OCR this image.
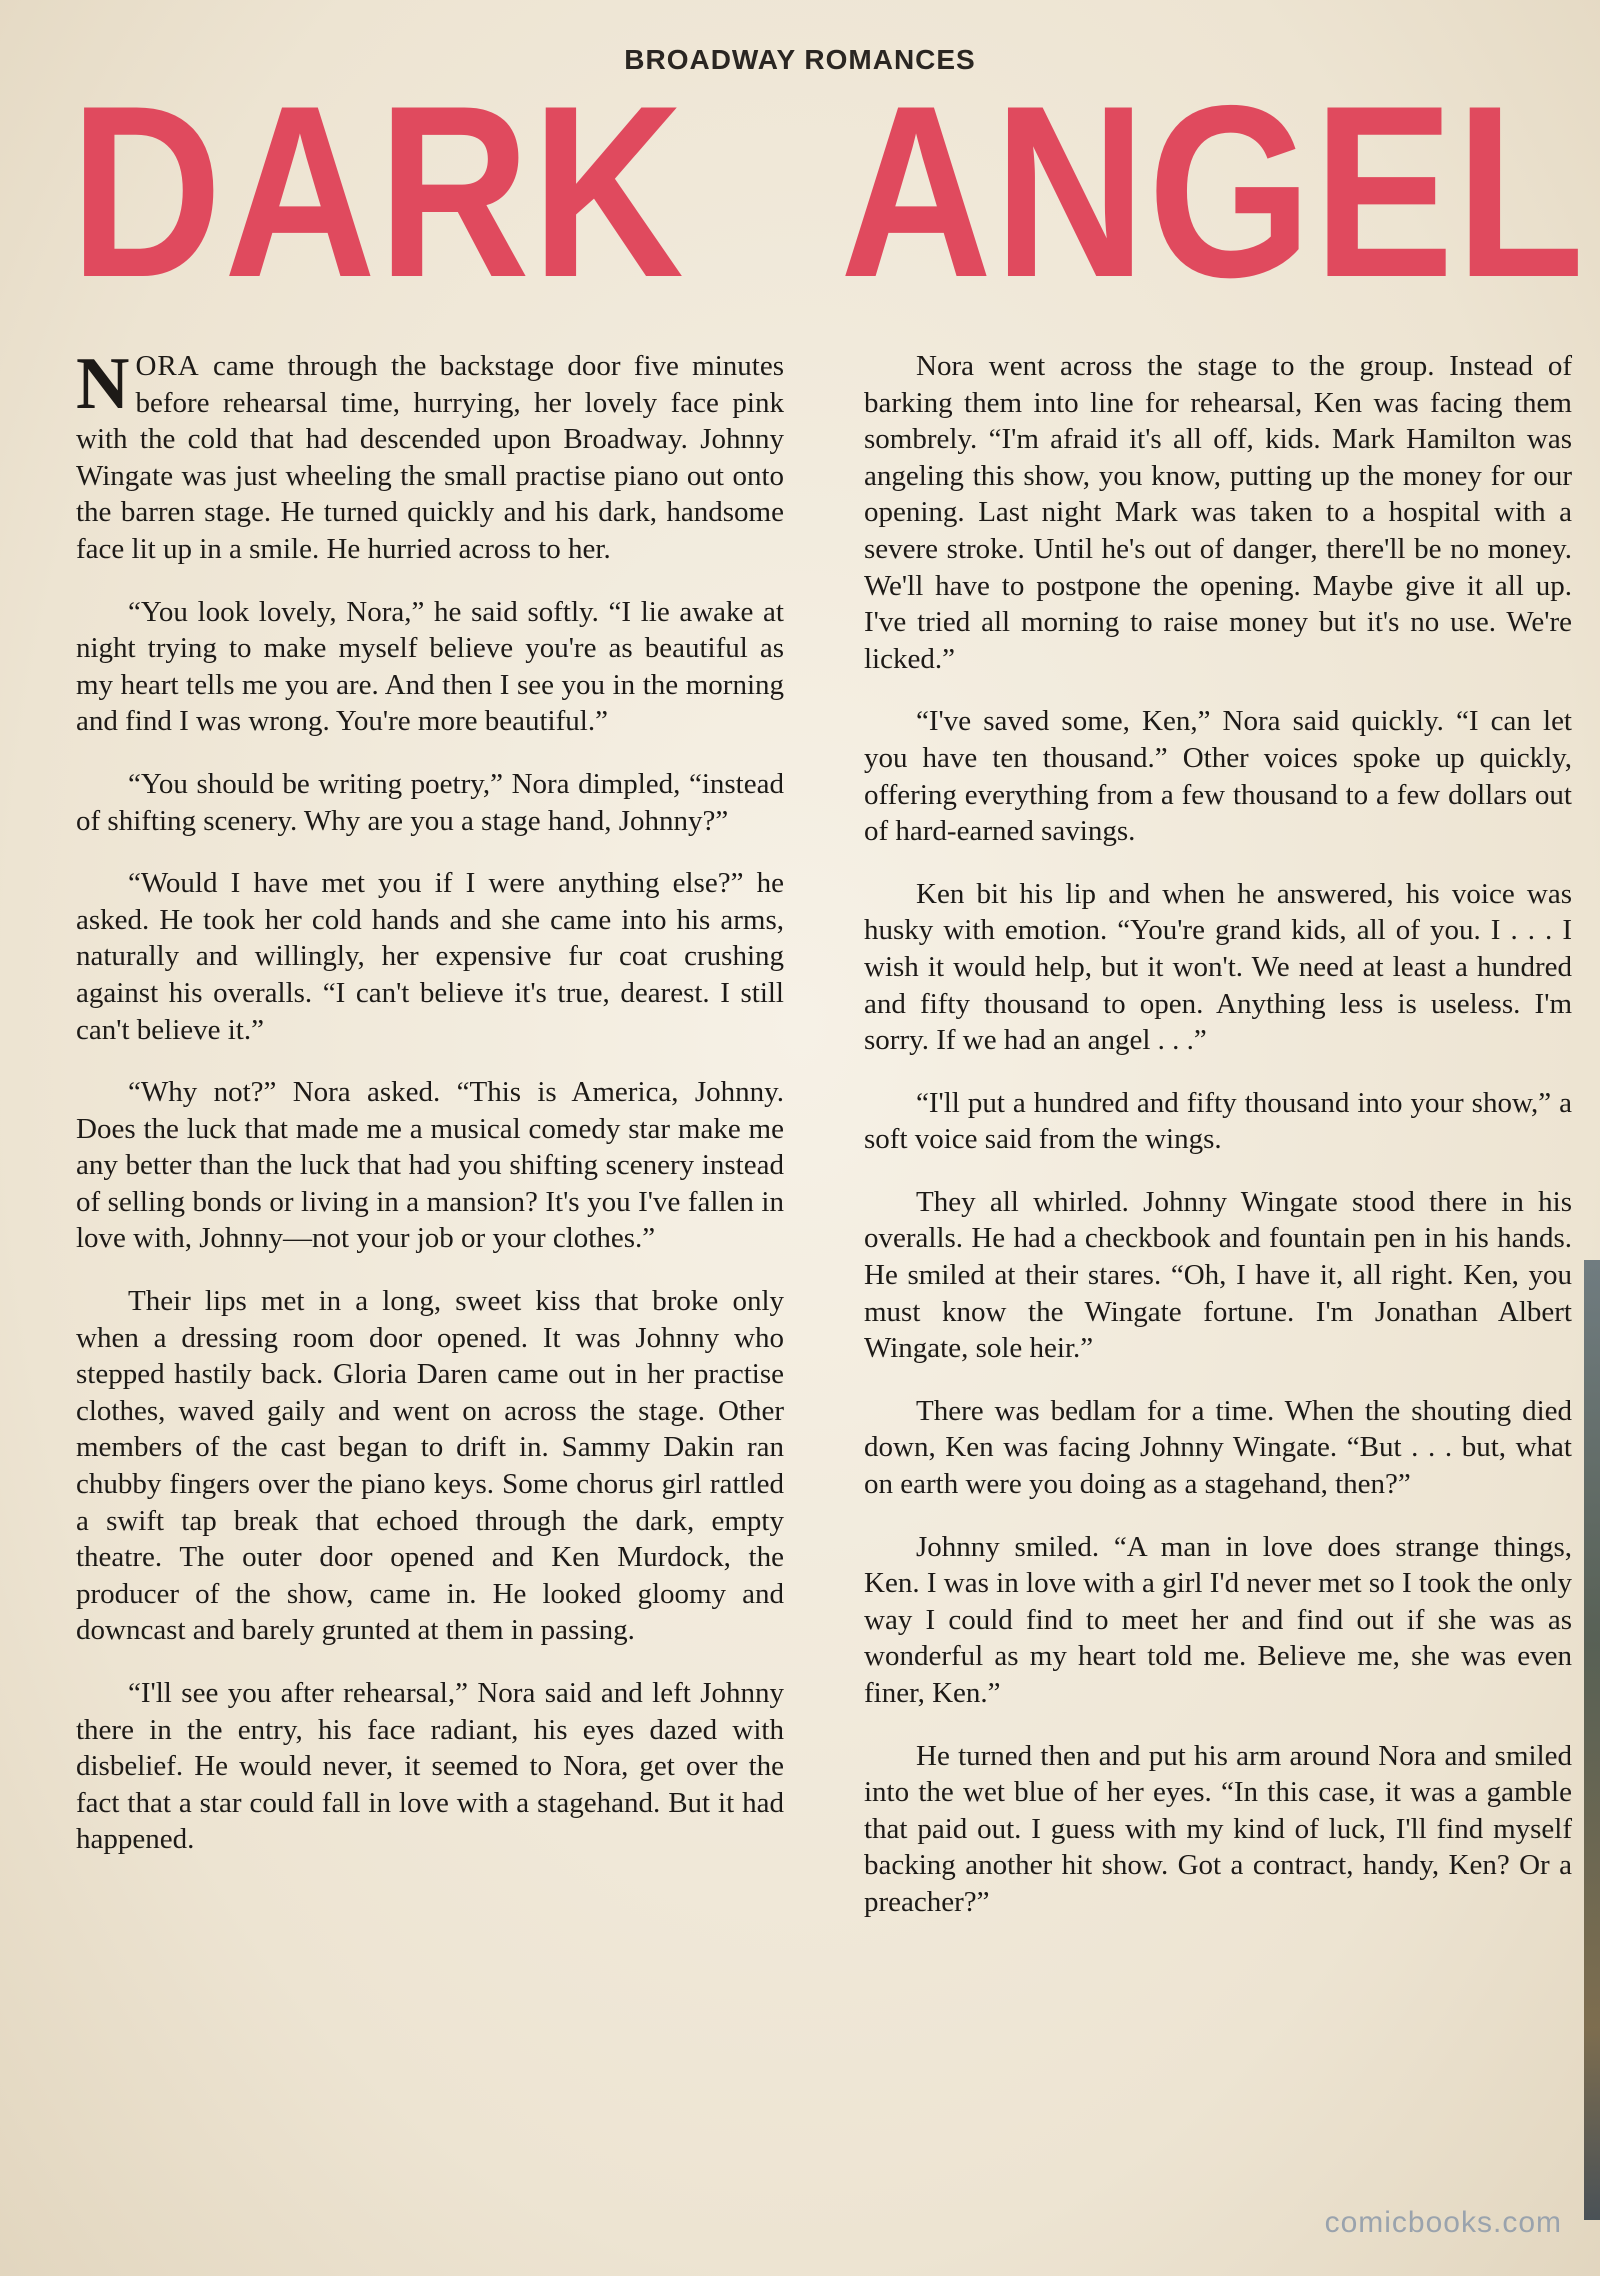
BROADWAY ROMANCES
DARK ANGEL

NORA came through the backstage door five minutes before rehearsal time, hurrying, her lovely face pink with the cold that had descended upon Broadway. Johnny Wingate was just wheeling the small practise piano out onto the barren stage. He turned quickly and his dark, handsome face lit up in a smile. He hurried across to her.

“You look lovely, Nora,” he said softly. “I lie awake at night trying to make myself believe you're as beautiful as my heart tells me you are. And then I see you in the morning and find I was wrong. You're more beautiful.”

“You should be writing poetry,” Nora dimpled, “instead of shifting scenery. Why are you a stage hand, Johnny?”

“Would I have met you if I were anything else?” he asked. He took her cold hands and she came into his arms, naturally and willingly, her expensive fur coat crushing against his overalls. “I can't believe it's true, dearest. I still can't believe it.”

“Why not?” Nora asked. “This is America, Johnny. Does the luck that made me a musical comedy star make me any better than the luck that had you shifting scenery instead of selling bonds or living in a mansion? It's you I've fallen in love with, Johnny—not your job or your clothes.”

Their lips met in a long, sweet kiss that broke only when a dressing room door opened. It was Johnny who stepped hastily back. Gloria Daren came out in her practise clothes, waved gaily and went on across the stage. Other members of the cast began to drift in. Sammy Dakin ran chubby fingers over the piano keys. Some chorus girl rattled a swift tap break that echoed through the dark, empty theatre. The outer door opened and Ken Murdock, the producer of the show, came in. He looked gloomy and downcast and barely grunted at them in passing.

“I'll see you after rehearsal,” Nora said and left Johnny there in the entry, his face radiant, his eyes dazed with disbelief. He would never, it seemed to Nora, get over the fact that a star could fall in love with a stagehand. But it had happened.

Nora went across the stage to the group. Instead of barking them into line for rehearsal, Ken was facing them sombrely. “I'm afraid it's all off, kids. Mark Hamilton was angeling this show, you know, putting up the money for our opening. Last night Mark was taken to a hospital with a severe stroke. Until he's out of danger, there'll be no money. We'll have to postpone the opening. Maybe give it all up. I've tried all morning to raise money but it's no use. We're licked.”

“I've saved some, Ken,” Nora said quickly. “I can let you have ten thousand.” Other voices spoke up quickly, offering everything from a few thousand to a few dollars out of hard-earned savings.

Ken bit his lip and when he answered, his voice was husky with emotion. “You're grand kids, all of you. I . . . I wish it would help, but it won't. We need at least a hundred and fifty thousand to open. Anything less is useless. I'm sorry. If we had an angel . . .”

“I'll put a hundred and fifty thousand into your show,” a soft voice said from the wings.

They all whirled. Johnny Wingate stood there in his overalls. He had a checkbook and fountain pen in his hands. He smiled at their stares. “Oh, I have it, all right. Ken, you must know the Wingate fortune. I'm Jonathan Albert Wingate, sole heir.”

There was bedlam for a time. When the shouting died down, Ken was facing Johnny Wingate. “But . . . but, what on earth were you doing as a stagehand, then?”

Johnny smiled. “A man in love does strange things, Ken. I was in love with a girl I'd never met so I took the only way I could find to meet her and find out if she was as wonderful as my heart told me. Believe me, she was even finer, Ken.”

He turned then and put his arm around Nora and smiled into the wet blue of her eyes. “In this case, it was a gamble that paid out. I guess with my kind of luck, I'll find myself backing another hit show. Got a contract, handy, Ken? Or a preacher?”

comicbooks.com
